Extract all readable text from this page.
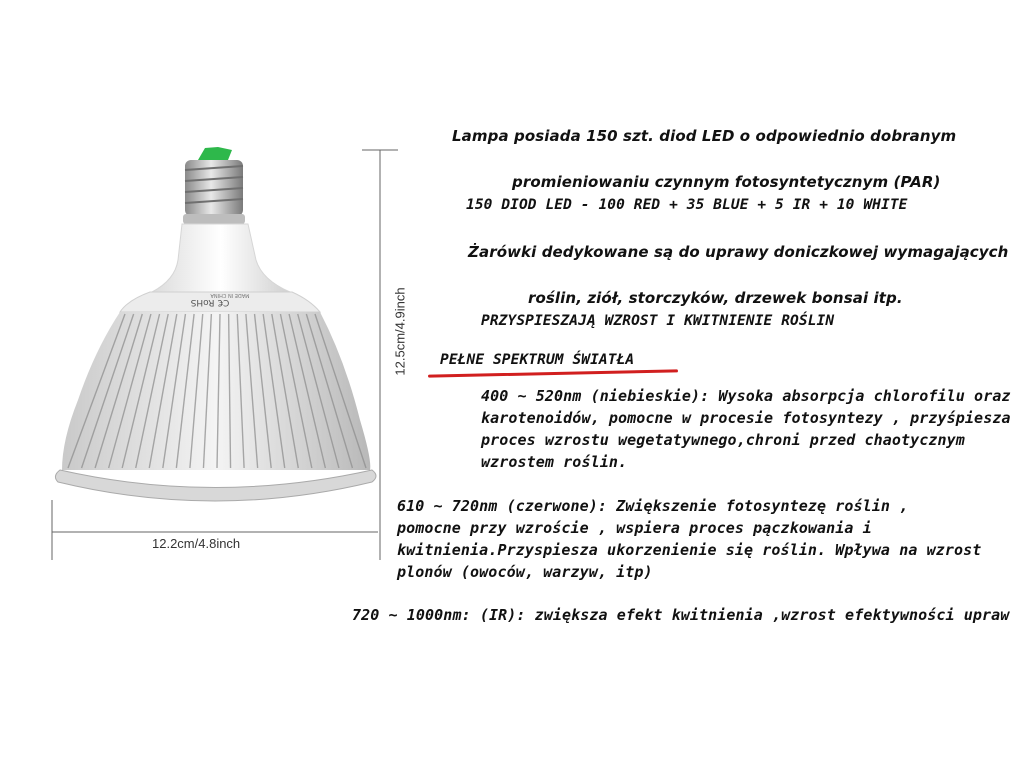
C€ RoHS
MADE IN CHINA	12.5cm/4.9inch
12.2cm/4.8inch
Lampa posiada 150 szt. diod LED o odpowiednio dobranym
promieniowaniu czynnym fotosyntetycznym (PAR)
150 DIOD LED - 100 RED + 35 BLUE + 5 IR + 10 WHITE
Żarówki dedykowane są do uprawy doniczkowej wymagających
roślin, ziół, storczyków, drzewek bonsai itp.
PRZYSPIESZAJĄ WZROST I KWITNIENIE ROŚLIN
PEŁNE SPEKTRUM ŚWIATŁA
400 ~ 520nm (niebieskie): Wysoka absorpcja chlorofilu oraz
karotenoidów, pomocne w procesie fotosyntezy , przyśpiesza
proces wzrostu wegetatywnego,chroni przed chaotycznym
wzrostem roślin.
610 ~ 720nm (czerwone): Zwiększenie fotosyntezę roślin ,
pomocne przy wzroście , wspiera proces pączkowania i
kwitnienia.Przyspiesza ukorzenienie się roślin. Wpływa na wzrost
plonów (owoców, warzyw, itp)
720 ~ 1000nm: (IR): zwiększa efekt kwitnienia ,wzrost efektywności upraw
